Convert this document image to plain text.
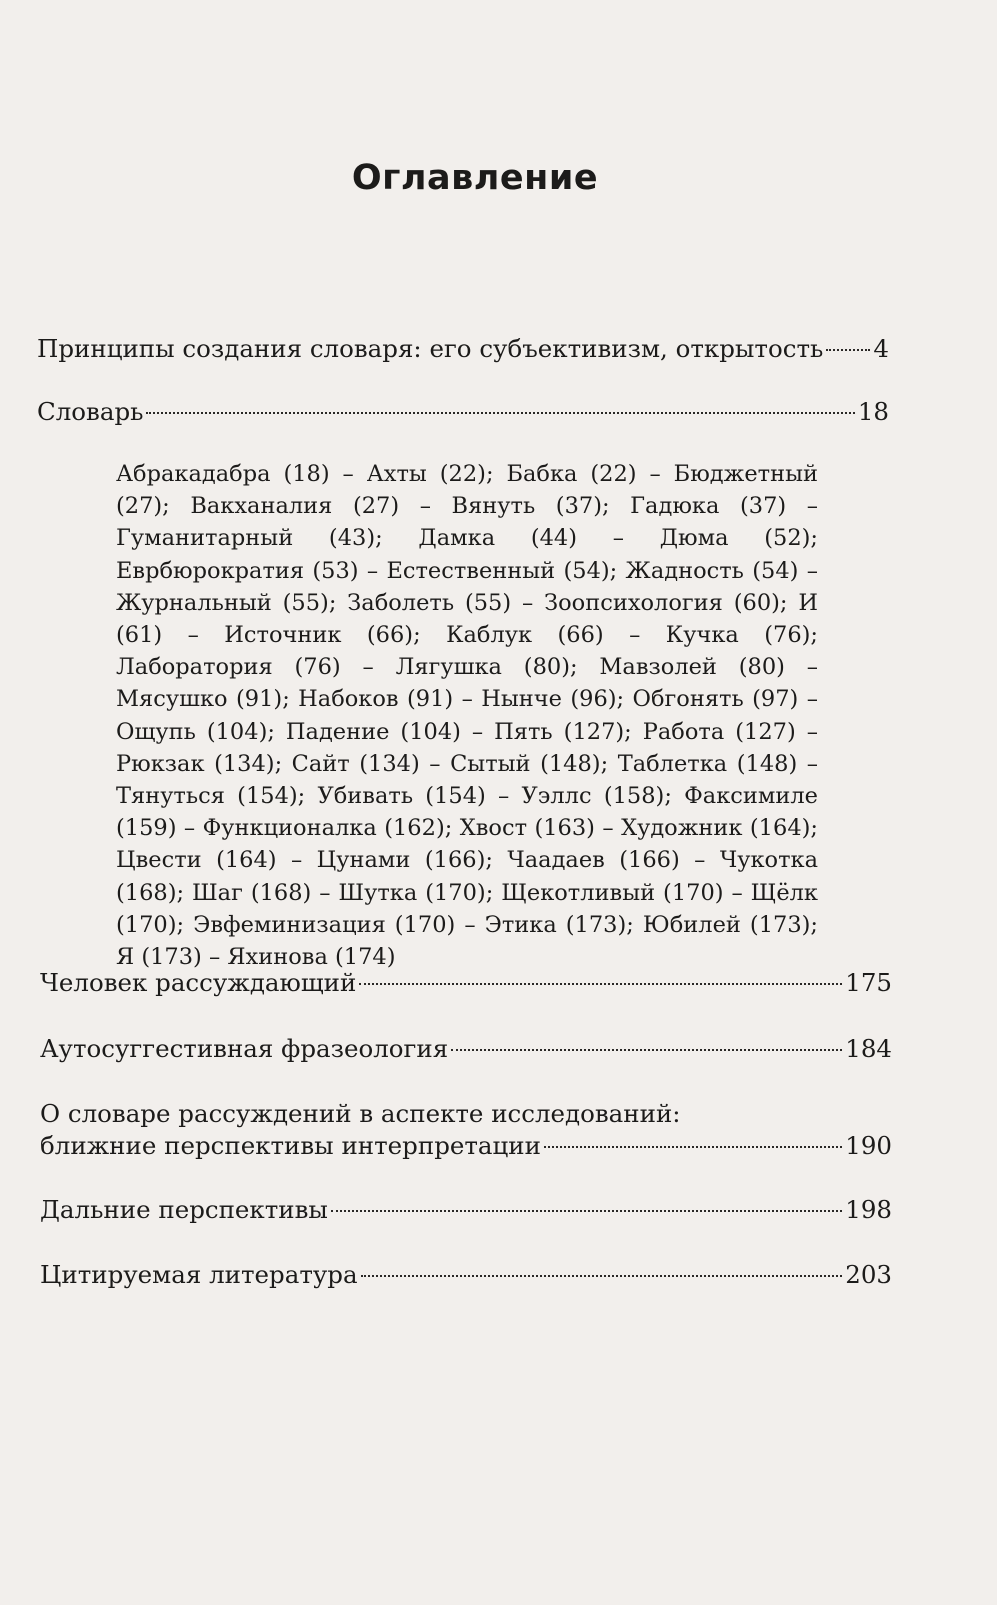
Оглавление
Принципы создания словаря: его субъективизм, открытость 4
Словарь	18
Абракадабра (18) – Ахты (22); Бабка (22) – Бюджетный (27); Вакханалия (27) – Вянуть (37); Гадюка (37) – Гуманитарный (43); Дамка (44) – Дюма (52); Еврбюрократия (53) – Естественный (54); Жадность (54) – Журнальный (55); Заболеть (55) – Зоопсихология (60); И (61) – Источник (66); Каблук (66) – Кучка (76); Лаборатория (76) – Лягушка (80); Мавзолей (80) – Мясушко (91); Набоков (91) – Нынче (96); Обгонять (97) – Ощупь (104); Падение (104) – Пять (127); Работа (127) – Рюкзак (134); Сайт (134) – Сытый (148); Таблетка (148) – Тянуться (154); Убивать (154) – Уэллс (158); Факсимиле (159) – Функционалка (162); Хвост (163) – Художник (164); Цвести (164) – Цунами (166); Чаадаев (166) – Чукотка (168); Шаг (168) – Шутка (170); Щекотливый (170) – Щёлк (170); Эвфеминизация (170) – Этика (173); Юбилей (173); Я (173) – Яхинова (174)
Человек рассуждающий	175
Аутосуггестивная фразеология	184
О словаре рассуждений в аспекте исследований:
ближние перспективы интерпретации	190
Дальние перспективы	198
Цитируемая литература	203
